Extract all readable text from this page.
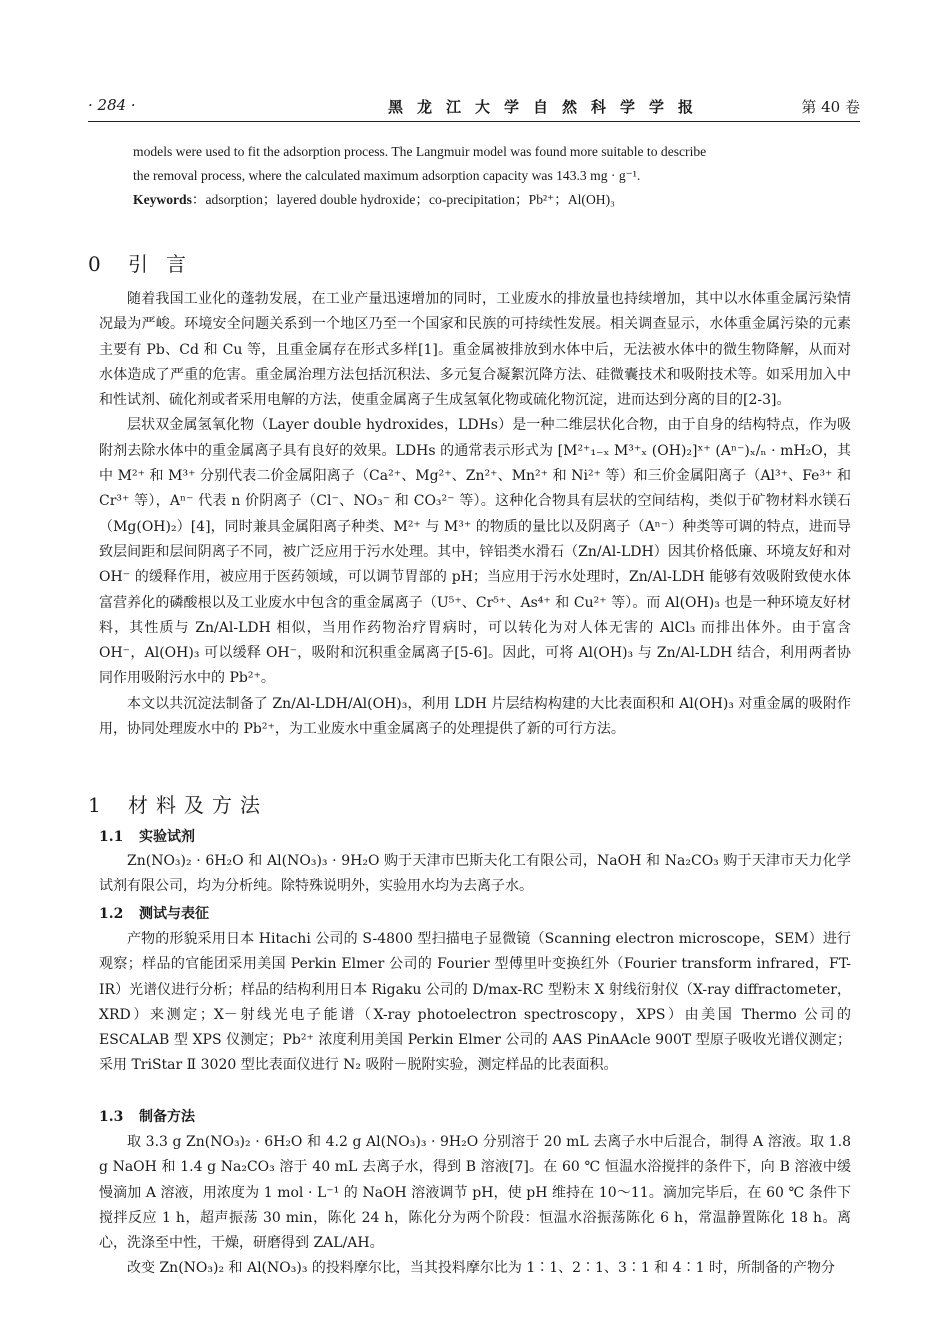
· 284 ·	黑龙江大学自然科学学报	第 40 卷

models were used to fit the adsorption process. The Langmuir model was found more suitable to describe

the removal process, where the calculated maximum adsorption capacity was 143.3 mg · g⁻¹.

Keywords：adsorption；layered double hydroxide；co-precipitation；Pb²⁺；Al(OH)₃

0 引言

随着我国工业化的蓬勃发展，在工业产量迅速增加的同时，工业废水的排放量也持续增加，其中以水体重金属污染情况最为严峻。环境安全问题关系到一个地区乃至一个国家和民族的可持续性发展。相关调查显示，水体重金属污染的元素主要有 Pb、Cd 和 Cu 等，且重金属存在形式多样[1]。重金属被排放到水体中后，无法被水体中的微生物降解，从而对水体造成了严重的危害。重金属治理方法包括沉积法、多元复合凝絮沉降方法、硅微囊技术和吸附技术等。如采用加入中和性试剂、硫化剂或者采用电解的方法，使重金属离子生成氢氧化物或硫化物沉淀，进而达到分离的目的[2-3]。

层状双金属氢氧化物（Layer double hydroxides，LDHs）是一种二维层状化合物，由于自身的结构特点，作为吸附剂去除水体中的重金属离子具有良好的效果。LDHs 的通常表示形式为 [M²⁺₁₋ₓ M³⁺ₓ (OH)₂]ˣ⁺ (Aⁿ⁻)ₓ/ₙ · mH₂O，其中 M²⁺ 和 M³⁺ 分别代表二价金属阳离子（Ca²⁺、Mg²⁺、Zn²⁺、Mn²⁺ 和 Ni²⁺ 等）和三价金属阳离子（Al³⁺、Fe³⁺ 和 Cr³⁺ 等），Aⁿ⁻ 代表 n 价阴离子（Cl⁻、NO₃⁻ 和 CO₃²⁻ 等）。这种化合物具有层状的空间结构，类似于矿物材料水镁石（Mg(OH)₂）[4]，同时兼具金属阳离子种类、M²⁺ 与 M³⁺ 的物质的量比以及阴离子（Aⁿ⁻）种类等可调的特点，进而导致层间距和层间阴离子不同，被广泛应用于污水处理。其中，锌铝类水滑石（Zn/Al-LDH）因其价格低廉、环境友好和对 OH⁻ 的缓释作用，被应用于医药领域，可以调节胃部的 pH；当应用于污水处理时，Zn/Al-LDH 能够有效吸附致使水体富营养化的磷酸根以及工业废水中包含的重金属离子（U⁵⁺、Cr⁵⁺、As⁴⁺ 和 Cu²⁺ 等）。而 Al(OH)₃ 也是一种环境友好材料，其性质与 Zn/Al-LDH 相似，当用作药物治疗胃病时，可以转化为对人体无害的 AlCl₃ 而排出体外。由于富含 OH⁻，Al(OH)₃ 可以缓释 OH⁻，吸附和沉积重金属离子[5-6]。因此，可将 Al(OH)₃ 与 Zn/Al-LDH 结合，利用两者协同作用吸附污水中的 Pb²⁺。

本文以共沉淀法制备了 Zn/Al-LDH/Al(OH)₃，利用 LDH 片层结构构建的大比表面积和 Al(OH)₃ 对重金属的吸附作用，协同处理废水中的 Pb²⁺，为工业废水中重金属离子的处理提供了新的可行方法。

1 材料及方法
1.1 实验试剂

Zn(NO₃)₂ · 6H₂O 和 Al(NO₃)₃ · 9H₂O 购于天津市巴斯夫化工有限公司，NaOH 和 Na₂CO₃ 购于天津市天力化学试剂有限公司，均为分析纯。除特殊说明外，实验用水均为去离子水。

1.2 测试与表征

产物的形貌采用日本 Hitachi 公司的 S-4800 型扫描电子显微镜（Scanning electron microscope，SEM）进行观察；样品的官能团采用美国 Perkin Elmer 公司的 Fourier 型傅里叶变换红外（Fourier transform infrared，FT-IR）光谱仪进行分析；样品的结构利用日本 Rigaku 公司的 D/max-RC 型粉末 X 射线衍射仪（X-ray diffractometer，XRD）来测定；X－射线光电子能谱（X-ray photoelectron spectroscopy，XPS）由美国 Thermo 公司的 ESCALAB 型 XPS 仪测定；Pb²⁺ 浓度利用美国 Perkin Elmer 公司的 AAS PinAAcle 900T 型原子吸收光谱仪测定；采用 TriStar Ⅱ 3020 型比表面仪进行 N₂ 吸附－脱附实验，测定样品的比表面积。

1.3 制备方法

取 3.3 g Zn(NO₃)₂ · 6H₂O 和 4.2 g Al(NO₃)₃ · 9H₂O 分别溶于 20 mL 去离子水中后混合，制得 A 溶液。取 1.8 g NaOH 和 1.4 g Na₂CO₃ 溶于 40 mL 去离子水，得到 B 溶液[7]。在 60 ℃ 恒温水浴搅拌的条件下，向 B 溶液中缓慢滴加 A 溶液，用浓度为 1 mol · L⁻¹ 的 NaOH 溶液调节 pH，使 pH 维持在 10～11。滴加完毕后，在 60 ℃ 条件下搅拌反应 1 h，超声振荡 30 min，陈化 24 h，陈化分为两个阶段：恒温水浴振荡陈化 6 h，常温静置陈化 18 h。离心，洗涤至中性，干燥，研磨得到 ZAL/AH。

改变 Zn(NO₃)₂ 和 Al(NO₃)₃ 的投料摩尔比，当其投料摩尔比为 1∶1、2∶1、3∶1 和 4∶1 时，所制备的产物分
